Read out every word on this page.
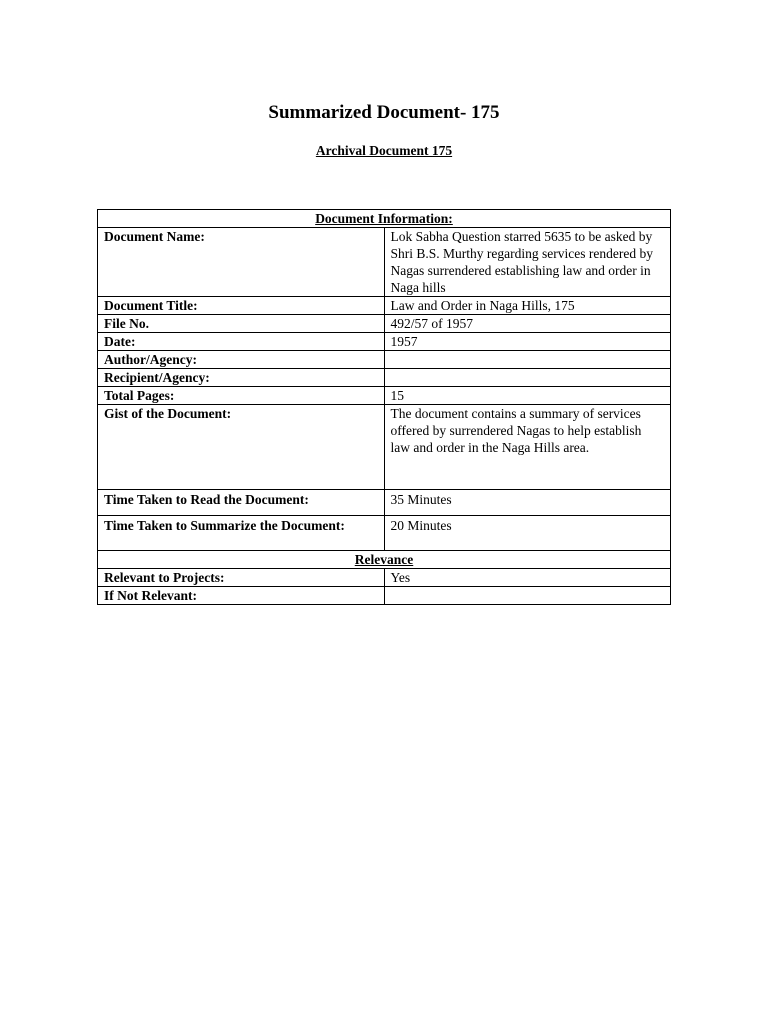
Summarized Document- 175
Archival Document 175
Document Information:	
Document Name:	Lok Sabha Question starred 5635 to be asked by Shri B.S. Murthy regarding services rendered by Nagas surrendered establishing law and order in Naga hills
Document Title:	Law and Order in Naga Hills, 175
File No.	492/57 of 1957
Date:	1957
Author/Agency:	
Recipient/Agency:	
Total Pages:	15
Gist of the Document:	The document contains a summary of services offered by surrendered Nagas to help establish law and order in the Naga Hills area.
Time Taken to Read the Document:	35 Minutes
Time Taken to Summarize the Document:	20 Minutes
Relevance	
Relevant to Projects:	Yes
If Not Relevant:	
